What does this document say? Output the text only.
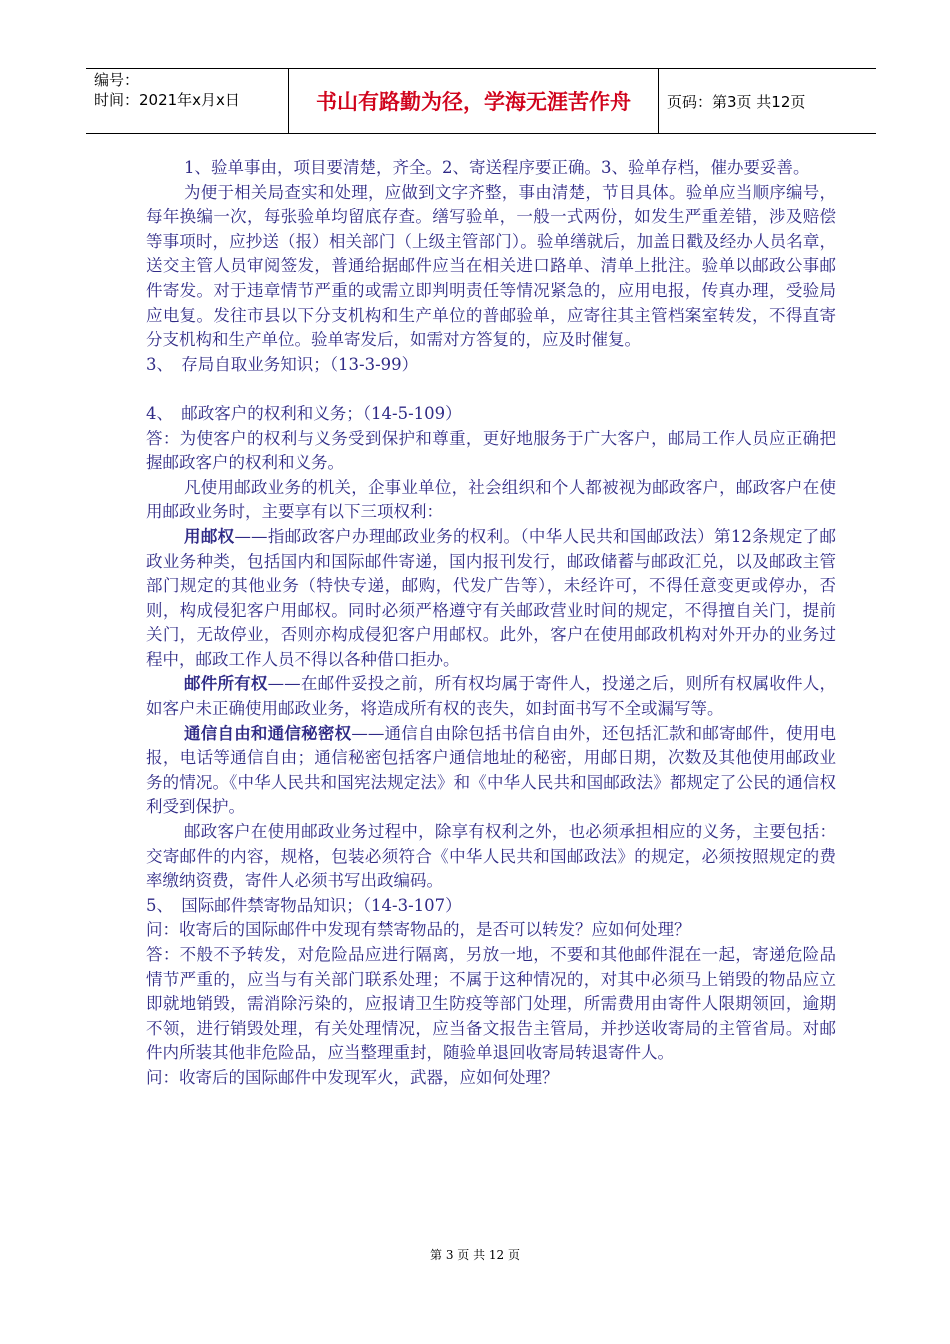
编号：
时间：2021年x月x日	书山有路勤为径，学海无涯苦作舟	页码：第3页 共12页

1、验单事由，项目要清楚，齐全。2、寄送程序要正确。3、验单存档，催办要妥善。

为便于相关局查实和处理，应做到文字齐整，事由清楚，节目具体。验单应当顺序编号，每年换编一次，每张验单均留底存查。缮写验单，一般一式两份，如发生严重差错，涉及赔偿等事项时，应抄送（报）相关部门（上级主管部门）。验单缮就后，加盖日戳及经办人员名章，送交主管人员审阅签发，普通给据邮件应当在相关进口路单、清单上批注。验单以邮政公事邮件寄发。对于违章情节严重的或需立即判明责任等情况紧急的，应用电报，传真办理，受验局应电复。发往市县以下分支机构和生产单位的普邮验单，应寄往其主管档案室转发，不得直寄分支机构和生产单位。验单寄发后，如需对方答复的，应及时催复。

3、　存局自取业务知识；（13-3-99）

4、　邮政客户的权利和义务；（14-5-109）

答：为使客户的权利与义务受到保护和尊重，更好地服务于广大客户，邮局工作人员应正确把握邮政客户的权利和义务。

凡使用邮政业务的机关，企事业单位，社会组织和个人都被视为邮政客户，邮政客户在使用邮政业务时，主要享有以下三项权利：

用邮权——指邮政客户办理邮政业务的权利。（中华人民共和国邮政法）第12条规定了邮政业务种类，包括国内和国际邮件寄递，国内报刊发行，邮政储蓄与邮政汇兑，以及邮政主管部门规定的其他业务（特快专递，邮购，代发广告等），未经许可，不得任意变更或停办，否则，构成侵犯客户用邮权。同时必须严格遵守有关邮政营业时间的规定，不得擅自关门，提前关门，无故停业，否则亦构成侵犯客户用邮权。此外，客户在使用邮政机构对外开办的业务过程中，邮政工作人员不得以各种借口拒办。

邮件所有权——在邮件妥投之前，所有权均属于寄件人，投递之后，则所有权属收件人，如客户未正确使用邮政业务，将造成所有权的丧失，如封面书写不全或漏写等。

通信自由和通信秘密权——通信自由除包括书信自由外，还包括汇款和邮寄邮件，使用电报，电话等通信自由；通信秘密包括客户通信地址的秘密，用邮日期，次数及其他使用邮政业务的情况。《中华人民共和国宪法规定法》和《中华人民共和国邮政法》都规定了公民的通信权利受到保护。

邮政客户在使用邮政业务过程中，除享有权利之外，也必须承担相应的义务，主要包括：交寄邮件的内容，规格，包装必须符合《中华人民共和国邮政法》的规定，必须按照规定的费率缴纳资费，寄件人必须书写出政编码。

5、　国际邮件禁寄物品知识；（14-3-107）

问：收寄后的国际邮件中发现有禁寄物品的，是否可以转发？应如何处理？

答：不般不予转发，对危险品应进行隔离，另放一地，不要和其他邮件混在一起，寄递危险品情节严重的，应当与有关部门联系处理；不属于这种情况的，对其中必须马上销毁的物品应立即就地销毁，需消除污染的，应报请卫生防疫等部门处理，所需费用由寄件人限期领回，逾期不领，进行销毁处理，有关处理情况，应当备文报告主管局，并抄送收寄局的主管省局。对邮件内所装其他非危险品，应当整理重封，随验单退回收寄局转退寄件人。

问：收寄后的国际邮件中发现军火，武器，应如何处理？

第 3 页 共 12 页
